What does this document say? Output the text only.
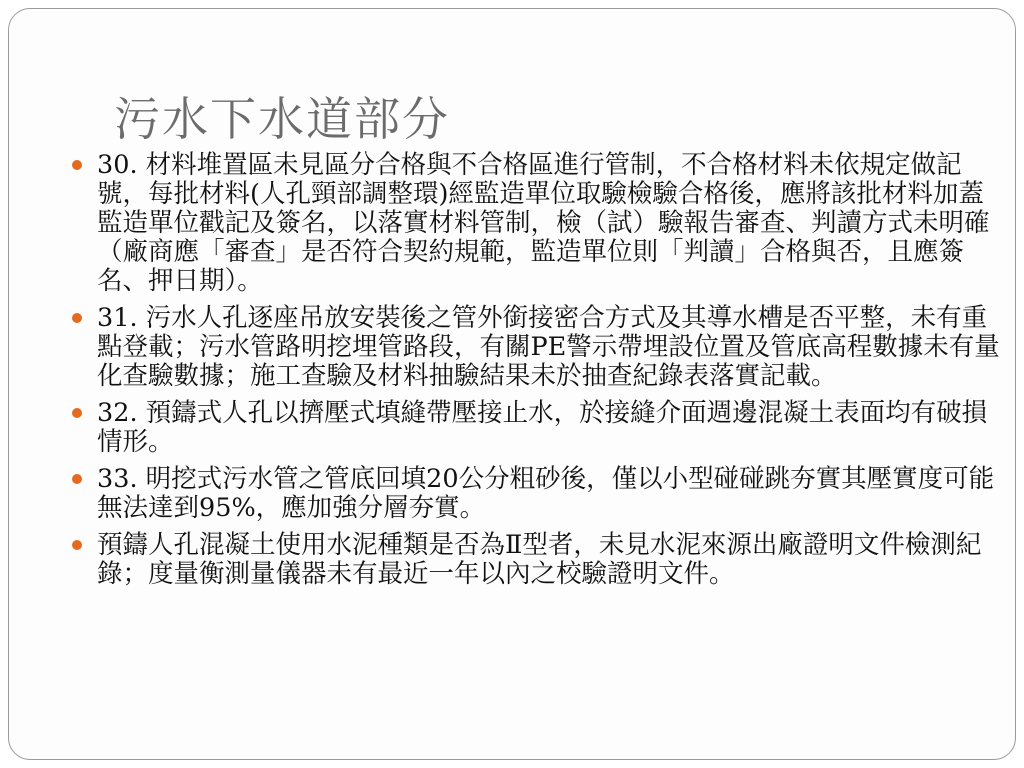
污水下水道部分
30. 材料堆置區未見區分合格與不合格區進行管制，不合格材料未依規定做記號，每批材料(人孔頸部調整環)經監造單位取驗檢驗合格後，應將該批材料加蓋監造單位戳記及簽名，以落實材料管制，檢（試）驗報告審查、判讀方式未明確（廠商應「審查」是否符合契約規範，監造單位則「判讀」合格與否，且應簽名、押日期）。
31. 污水人孔逐座吊放安裝後之管外銜接密合方式及其導水槽是否平整，未有重點登載；污水管路明挖埋管路段，有關PE警示帶埋設位置及管底高程數據未有量化查驗數據；施工查驗及材料抽驗結果未於抽查紀錄表落實記載。
32. 預鑄式人孔以擠壓式填縫帶壓接止水，於接縫介面週邊混凝土表面均有破損情形。
33. 明挖式污水管之管底回填20公分粗砂後，僅以小型碰碰跳夯實其壓實度可能無法達到95%，應加強分層夯實。
預鑄人孔混凝土使用水泥種類是否為Ⅱ型者，未見水泥來源出廠證明文件檢測紀錄；度量衡測量儀器未有最近一年以內之校驗證明文件。
